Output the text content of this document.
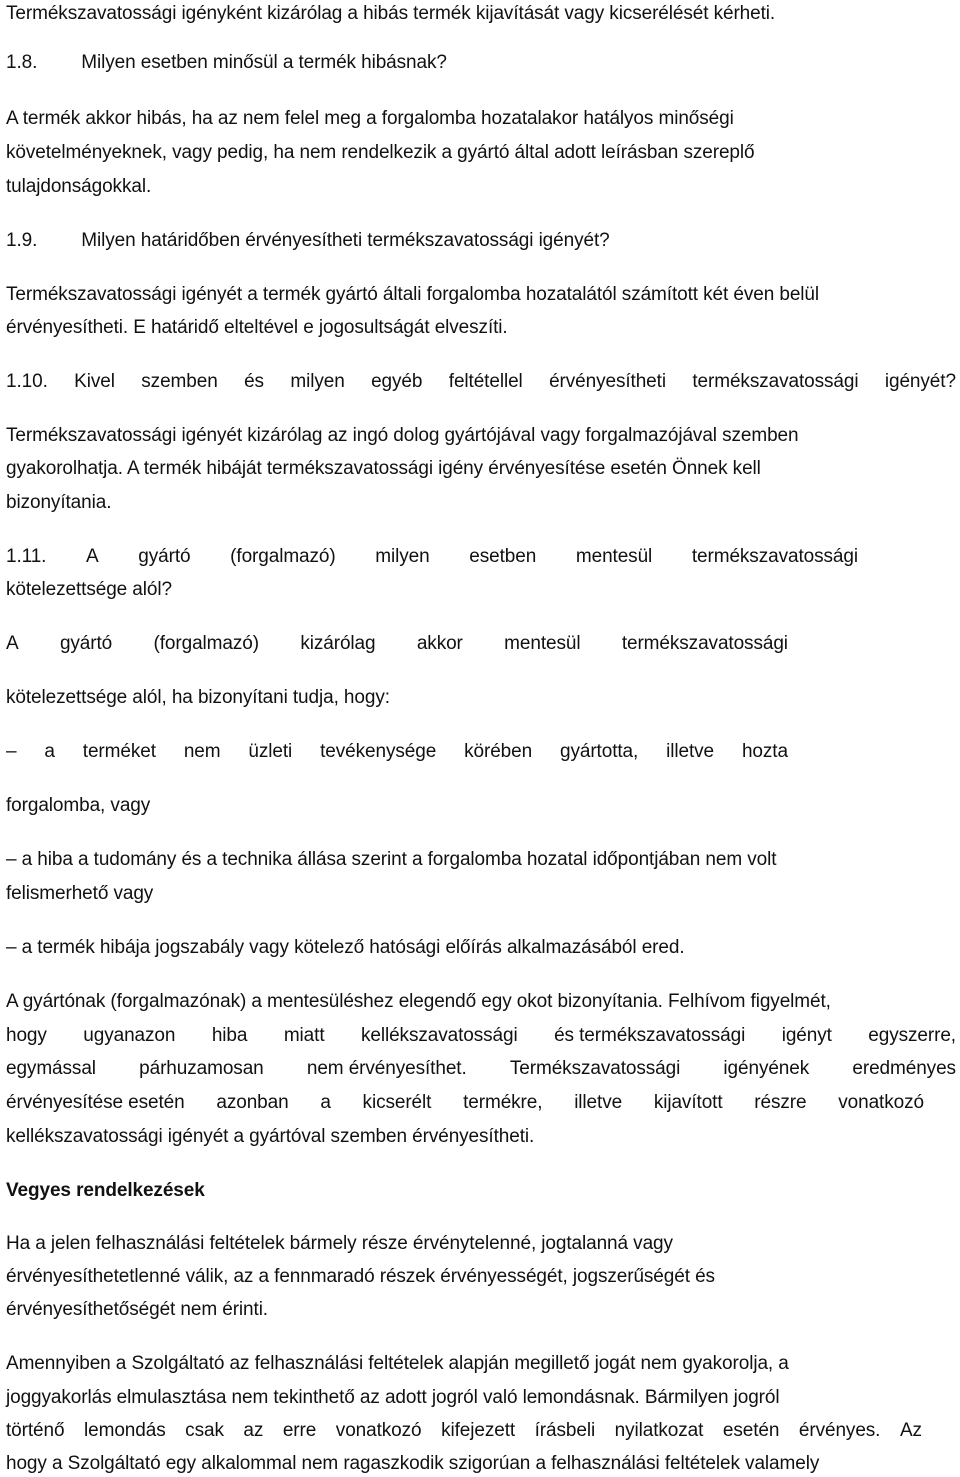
Termékszavatossági igényként kizárólag a hibás termék kijavítását vagy kicserélését kérheti.
1.8. Milyen esetben minősül a termék hibásnak?
A termék akkor hibás, ha az nem felel meg a forgalomba hozatalakor hatályos minőségi
követelményeknek, vagy pedig, ha nem rendelkezik a gyártó által adott leírásban szereplő
tulajdonságokkal.
1.9. Milyen határidőben érvényesítheti termékszavatossági igényét?
Termékszavatossági igényét a termék gyártó általi forgalomba hozatalától számított két éven belül
érvényesítheti. E határidő elteltével e jogosultságát elveszíti.
1.10. Kivel szemben és milyen egyéb feltétellel érvényesítheti termékszavatossági igényét?
Termékszavatossági igényét kizárólag az ingó dolog gyártójával vagy forgalmazójával szemben
gyakorolhatja. A termék hibáját termékszavatossági igény érvényesítése esetén Önnek kell
bizonyítania.
1.11. A gyártó (forgalmazó) milyen esetben mentesül termékszavatossági
kötelezettsége alól?
A gyártó (forgalmazó) kizárólag akkor mentesül termékszavatossági
kötelezettsége alól, ha bizonyítani tudja, hogy:
– a terméket nem üzleti tevékenysége körében gyártotta, illetve hozta
forgalomba, vagy
– a hiba a tudomány és a technika állása szerint a forgalomba hozatal időpontjában nem volt
felismerhető vagy
– a termék hibája jogszabály vagy kötelező hatósági előírás alkalmazásából ered.
A gyártónak (forgalmazónak) a mentesüléshez elegendő egy okot bizonyítania. Felhívom figyelmét,
hogy ugyanazon hiba miatt kellékszavatossági és termékszavatossági igényt egyszerre,
egymással párhuzamosan nem érvényesíthet. Termékszavatossági igényének eredményes
érvényesítése esetén azonban a kicserélt termékre, illetve kijavított részre vonatkozó
kellékszavatossági igényét a gyártóval szemben érvényesítheti.
Vegyes rendelkezések
Ha a jelen felhasználási feltételek bármely része érvénytelenné, jogtalanná vagy
érvényesíthetetlenné válik, az a fennmaradó részek érvényességét, jogszerűségét és
érvényesíthetőségét nem érinti.
Amennyiben a Szolgáltató az felhasználási feltételek alapján megillető jogát nem gyakorolja, a
joggyakorlás elmulasztása nem tekinthető az adott jogról való lemondásnak. Bármilyen jogról
történő lemondás csak az erre vonatkozó kifejezett írásbeli nyilatkozat esetén érvényes. Az
hogy a Szolgáltató egy alkalommal nem ragaszkodik szigorúan a felhasználási feltételek valamely
